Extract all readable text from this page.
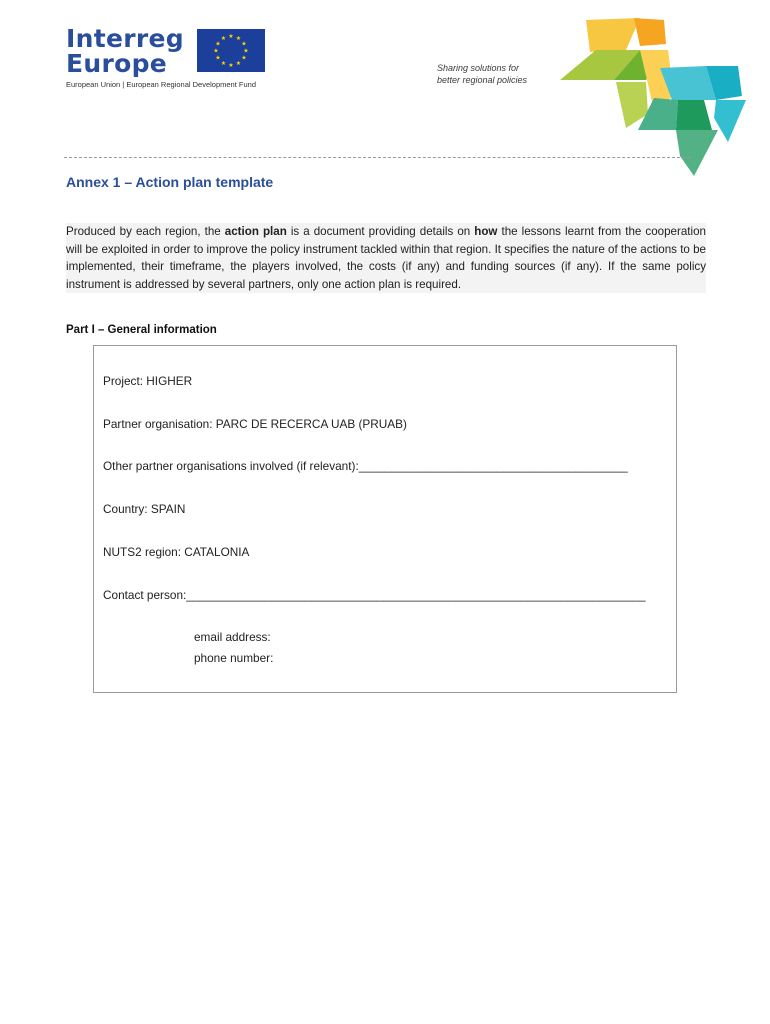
Interreg
Europe
★ ★
★
★
★
★
★
★
★
★
★
★
European Union | European Regional Development Fund
Sharing solutions for
better regional policies
Annex 1 – Action plan template
Produced by each region, the action plan is a document providing details on how the lessons learnt from the cooperation will be exploited in order to improve the policy instrument tackled within that region. It specifies the nature of the actions to be implemented, their timeframe, the players involved, the costs (if any) and funding sources (if any). If the same policy instrument is addressed by several partners, only one action plan is required.
Part I – General information
Project: HIGHER
Partner organisation: PARC DE RECERCA UAB (PRUAB)
Other partner organisations involved (if relevant):_________________________________________
Country: SPAIN
NUTS2 region: CATALONIA
Contact person:______________________________________________________________________
email address:
phone number:
